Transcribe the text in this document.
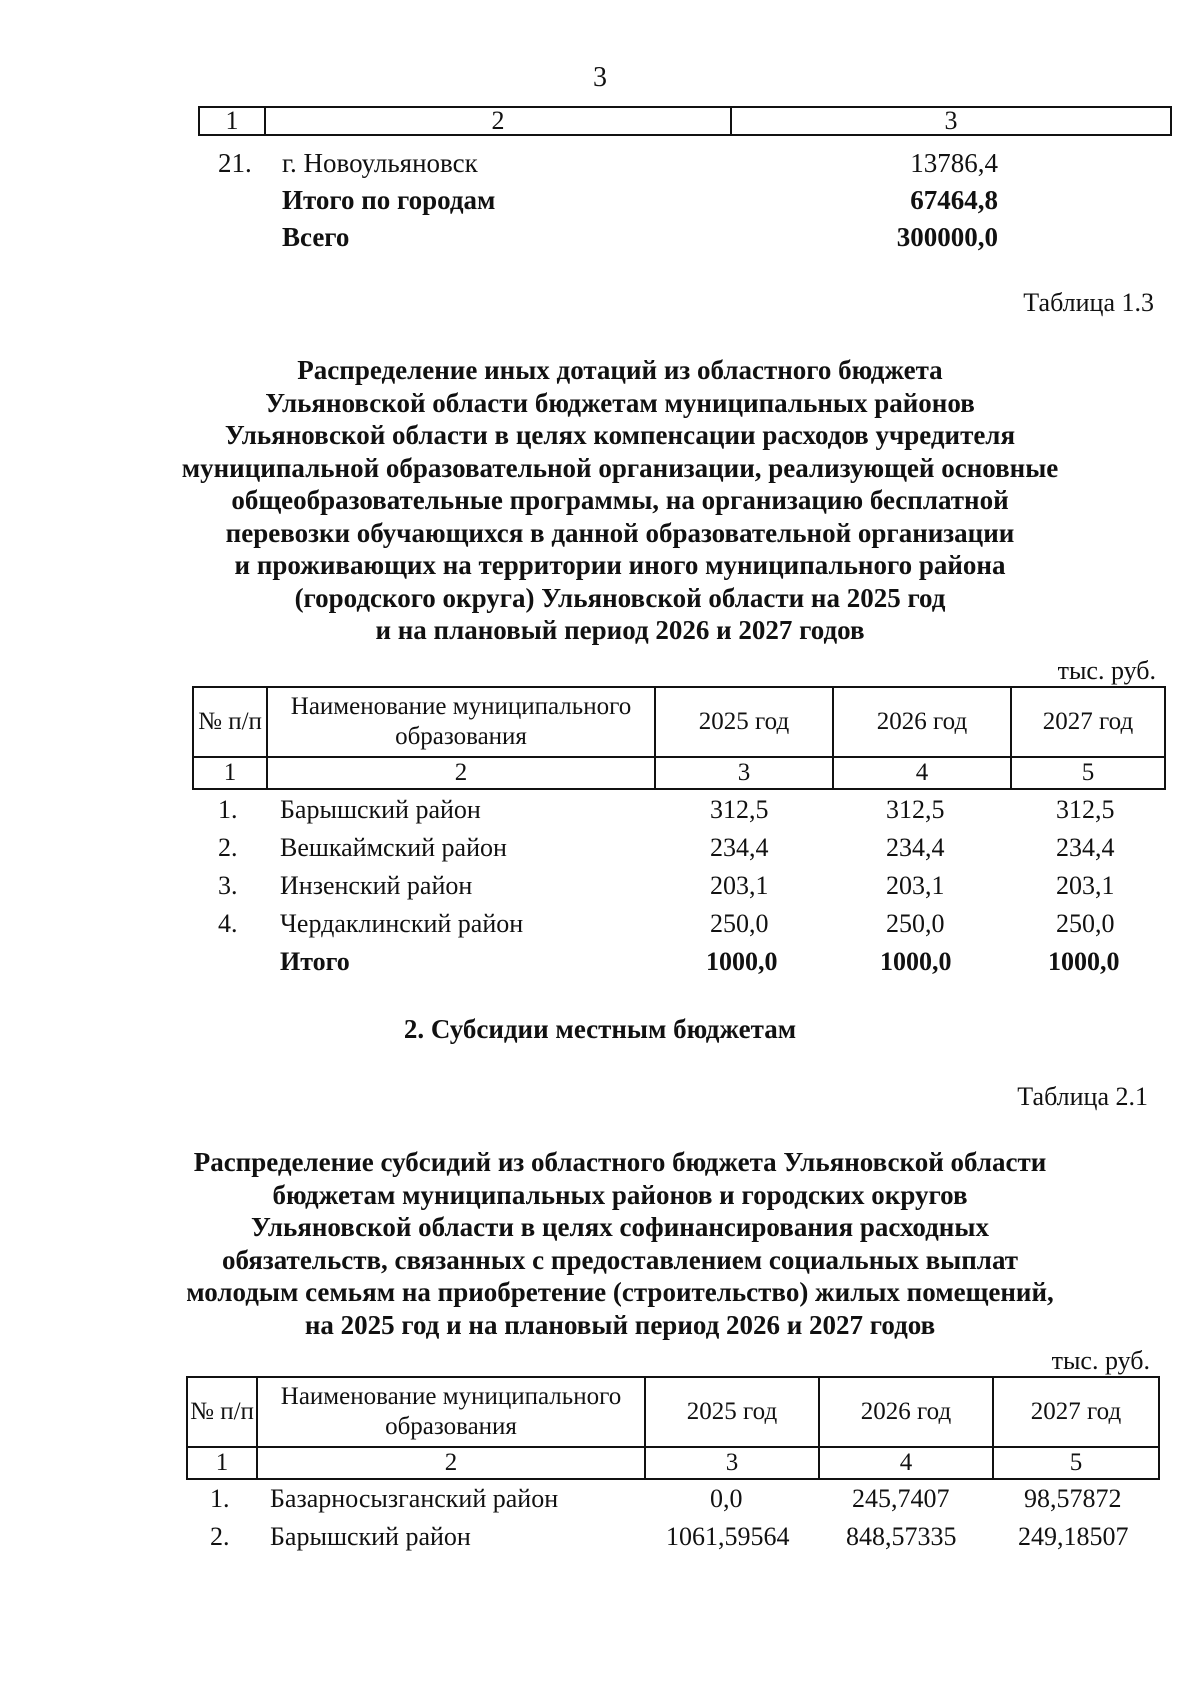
3
1	2	3
21. г. Новоульяновск	13786,4
Итого по городам	67464,8
Всего	300000,0
Таблица 1.3
Распределение иных дотаций из областного бюджета
Ульяновской области бюджетам муниципальных районов
Ульяновской области в целях компенсации расходов учредителя
муниципальной образовательной организации, реализующей основные
общеобразовательные программы, на организацию бесплатной
перевозки обучающихся в данной образовательной организации
и проживающих на территории иного муниципального района
(городского округа) Ульяновской области на 2025 год
и на плановый период 2026 и 2027 годов
тыс. руб.
№ п/п	Наименование муниципального образования	2025 год	2026 год	2027 год
1	2	3	4	5
1. Барышский район	312,5	312,5	312,5
2. Вешкаймский район	234,4	234,4	234,4
3. Инзенский район	203,1	203,1	203,1
4. Чердаклинский район	250,0	250,0	250,0
Итого	1000,0	1000,0	1000,0
2. Субсидии местным бюджетам
Таблица 2.1
Распределение субсидий из областного бюджета Ульяновской области
бюджетам муниципальных районов и городских округов
Ульяновской области в целях софинансирования расходных
обязательств, связанных с предоставлением социальных выплат
молодым семьям на приобретение (строительство) жилых помещений,
на 2025 год и на плановый период 2026 и 2027 годов
тыс. руб.
№ п/п	Наименование муниципального образования	2025 год	2026 год	2027 год
1	2	3	4	5
1. Базарносызганский район	0,0	245,7407	98,57872
2. Барышский район	1061,59564 848,57335 249,18507
